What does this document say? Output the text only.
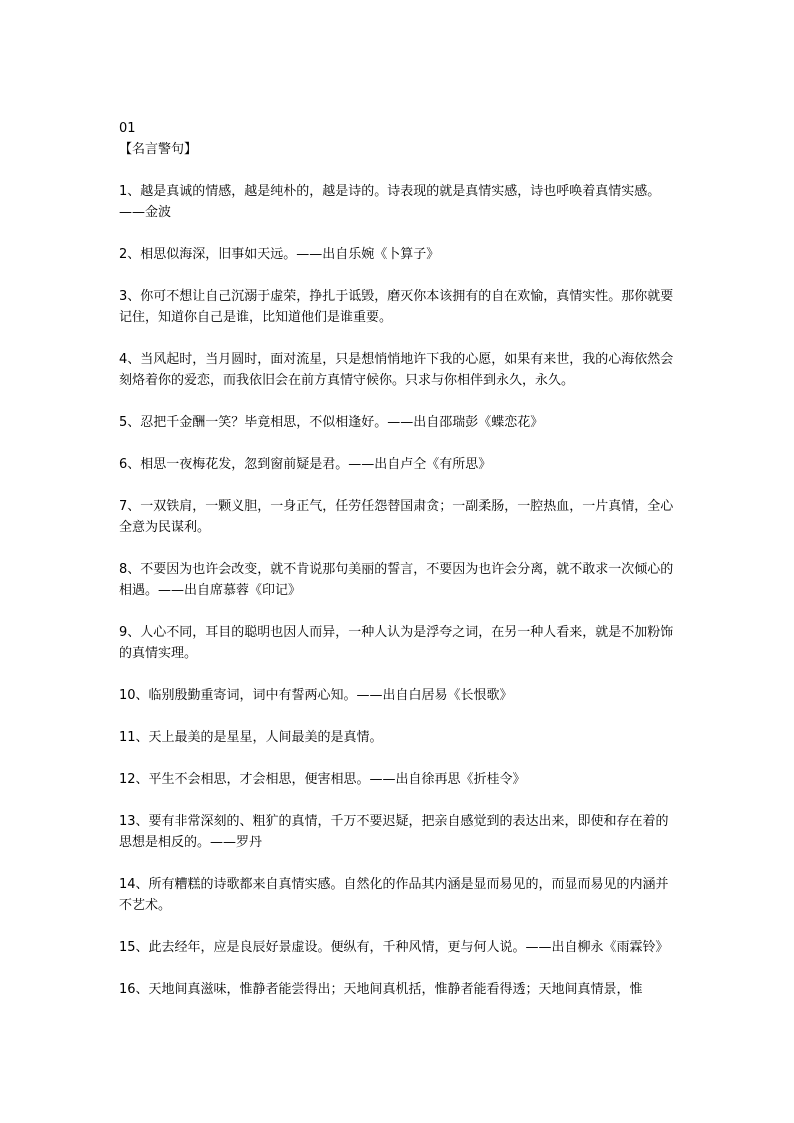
01
【名言警句】

1、越是真诚的情感，越是纯朴的，越是诗的。诗表现的就是真情实感，诗也呼唤着真情实感。——金波

2、相思似海深，旧事如天远。——出自乐婉《卜算子》

3、你可不想让自己沉溺于虚荣，挣扎于诋毁，磨灭你本该拥有的自在欢愉，真情实性。那你就要记住，知道你自己是谁，比知道他们是谁重要。

4、当风起时，当月圆时，面对流星，只是想悄悄地许下我的心愿，如果有来世，我的心海依然会刻烙着你的爱恋，而我依旧会在前方真情守候你。只求与你相伴到永久，永久。

5、忍把千金酬一笑？毕竟相思，不似相逢好。——出自邵瑞彭《蝶恋花》

6、相思一夜梅花发，忽到窗前疑是君。——出自卢仝《有所思》

7、一双铁肩，一颗义胆，一身正气，任劳任怨替国肃贪；一副柔肠，一腔热血，一片真情，全心全意为民谋利。

8、不要因为也许会改变，就不肯说那句美丽的誓言，不要因为也许会分离，就不敢求一次倾心的相遇。——出自席慕蓉《印记》

9、人心不同，耳目的聪明也因人而异，一种人认为是浮夸之词，在另一种人看来，就是不加粉饰的真情实理。

10、临别殷勤重寄词，词中有誓两心知。——出自白居易《长恨歌》

11、天上最美的是星星，人间最美的是真情。

12、平生不会相思，才会相思，便害相思。——出自徐再思《折桂令》

13、要有非常深刻的、粗犷的真情，千万不要迟疑，把亲自感觉到的表达出来，即使和存在着的思想是相反的。——罗丹

14、所有糟糕的诗歌都来自真情实感。自然化的作品其内涵是显而易见的，而显而易见的内涵并不艺术。

15、此去经年，应是良辰好景虚设。便纵有，千种风情，更与何人说。——出自柳永《雨霖铃》

16、天地间真滋味，惟静者能尝得出；天地间真机括，惟静者能看得透；天地间真情景，惟
